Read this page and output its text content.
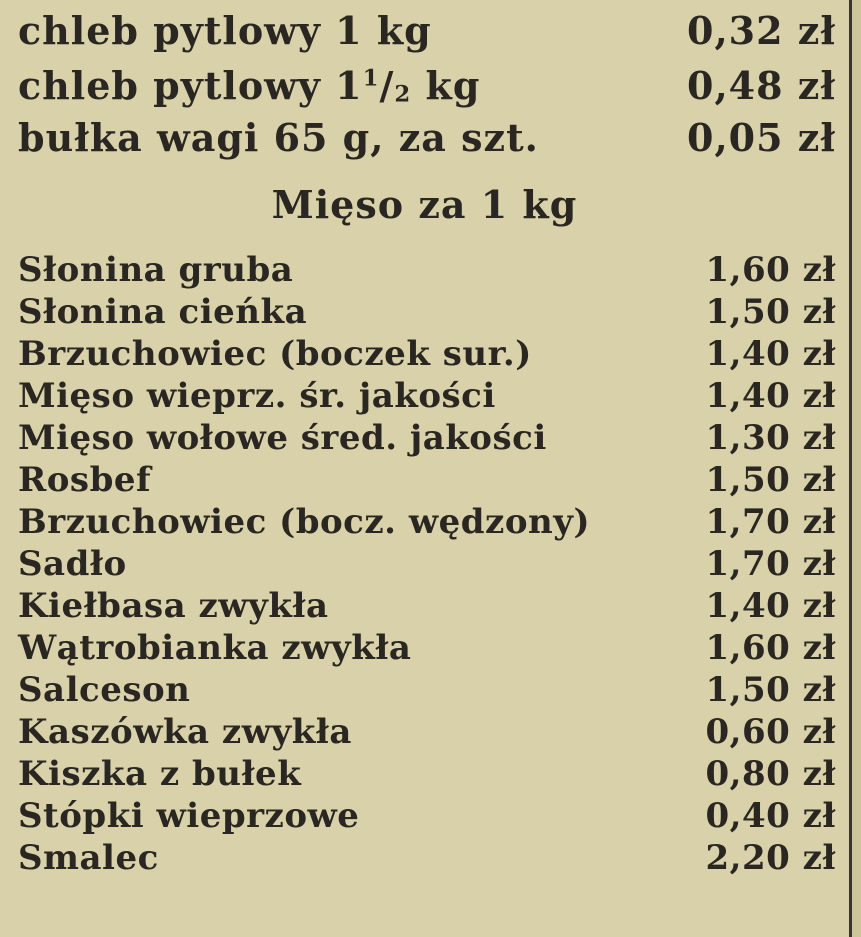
chleb pytlowy 1 kg	0,32 zł
chleb pytlowy $1^1/_2$ kg	0,48 zł
bułka wagi 65 g, za szt.	0,05 zł
Mięso za 1 kg
Słonina gruba	1,60 zł
Słonina cieńka	1,50 zł
Brzuchowiec (boczek sur.)	1,40 zł
Mięso wieprz. śr. jakości	1,40 zł
Mięso wołowe śred. jakości	1,30 zł
Rosbef	1,50 zł
Brzuchowiec (bocz. wędzony)	1,70 zł
Sadło	1,70 zł
Kiełbasa zwykła	1,40 zł
Wątrobianka zwykła	1,60 zł
Salceson	1,50 zł
Kaszówka zwykła	0,60 zł
Kiszka z bułek	0,80 zł
Stópki wieprzowe	0,40 zł
Smalec	2,20 zł
